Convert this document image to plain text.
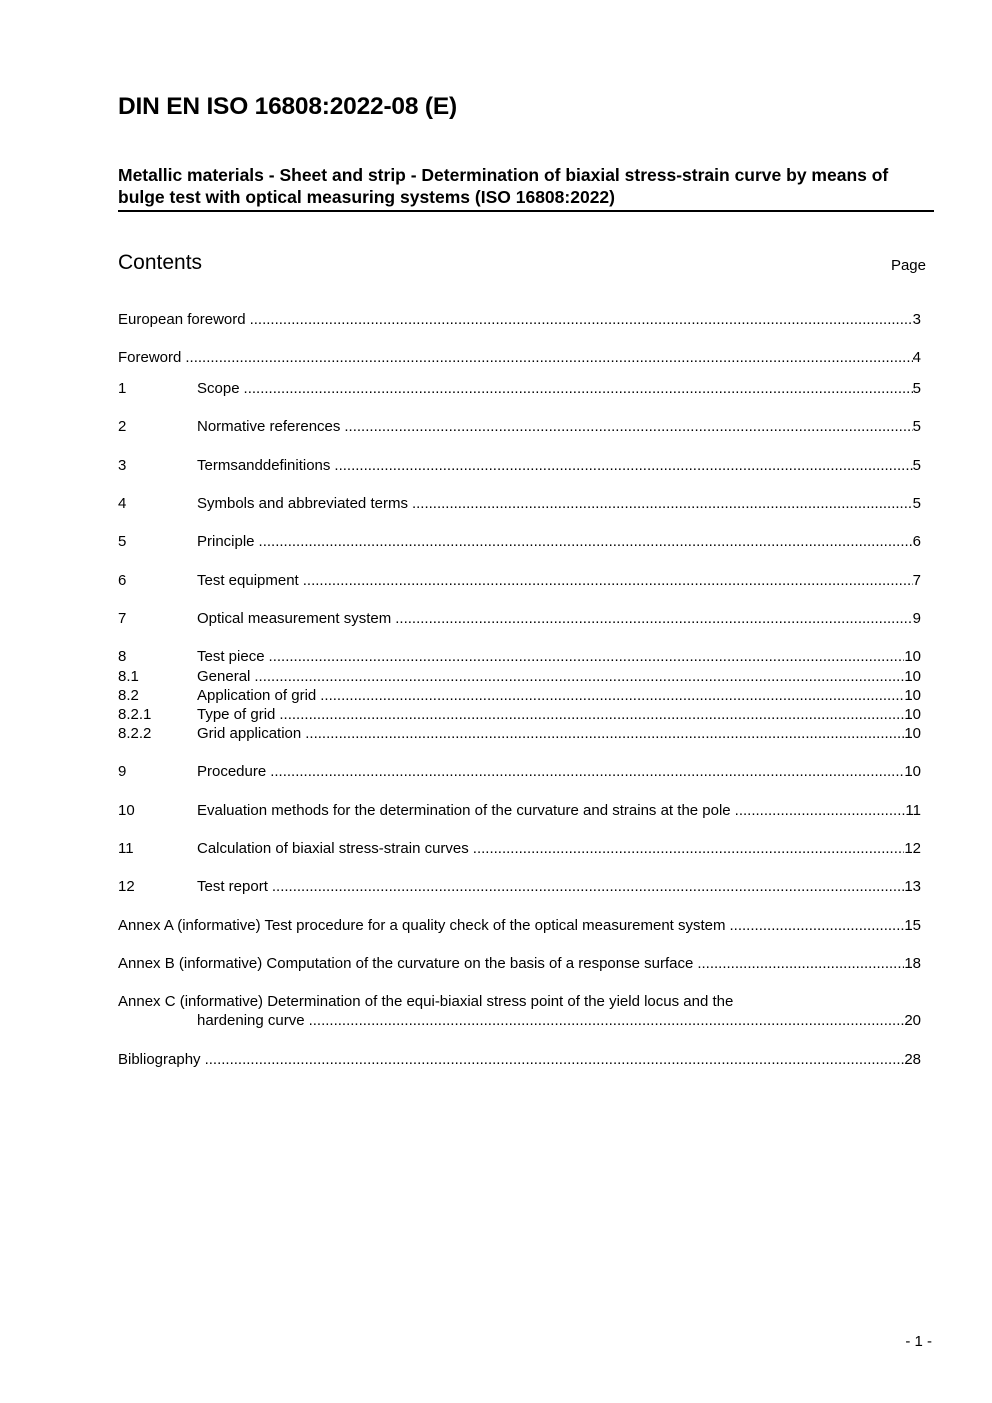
DIN EN ISO 16808:2022-08 (E)
Metallic materials - Sheet and strip - Determination of biaxial stress-strain curve by means of bulge test with optical measuring systems (ISO 16808:2022)
Contents	Page
European foreword .....	3
Foreword .....	4
1	Scope .....	5
2	Normative references .....	5
3	Termsanddefinitions .....	5
4	Symbols and abbreviated terms .....	5
5	Principle .....	6
6	Test equipment .....	7
7	Optical measurement system .....	9
8	Test piece .....	10
8.1	General .....	10
8.2	Application of grid .....	10
8.2.1	Type of grid .....	10
8.2.2	Grid application .....	10
9	Procedure .....	10
10	Evaluation methods for the determination of the curvature and strains at the pole .....	11
11	Calculation of biaxial stress-strain curves .....	12
12	Test report .....	13
Annex A (informative) Test procedure for a quality check of the optical measurement system .....	15
Annex B (informative) Computation of the curvature on the basis of a response surface .....	18
Annex C (informative) Determination of the equi-biaxial stress point of the yield locus and the
hardening curve .....	20
Bibliography .....	28
- 1 -
